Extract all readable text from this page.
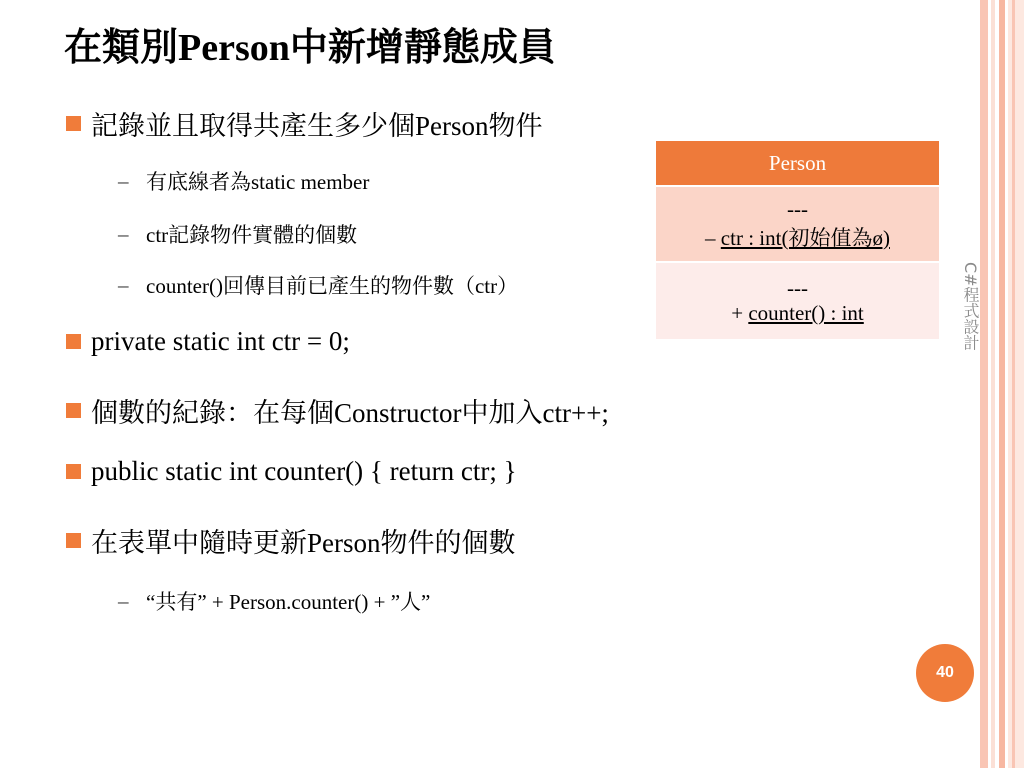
在類別Person中新增靜態成員
記錄並且取得共產生多少個Person物件
– 有底線者為static member
– ctr記錄物件實體的個數
– counter()回傳目前已產生的物件數（ctr）
private static int ctr = 0;
個數的紀錄：在每個Constructor中加入ctr++;
public static int counter() { return ctr; }
在表單中隨時更新Person物件的個數
– “共有” + Person.counter() + ”人”
Person
---
– ctr : int(初始值為ø)
---
+ counter() : int	C#程式設計
40
